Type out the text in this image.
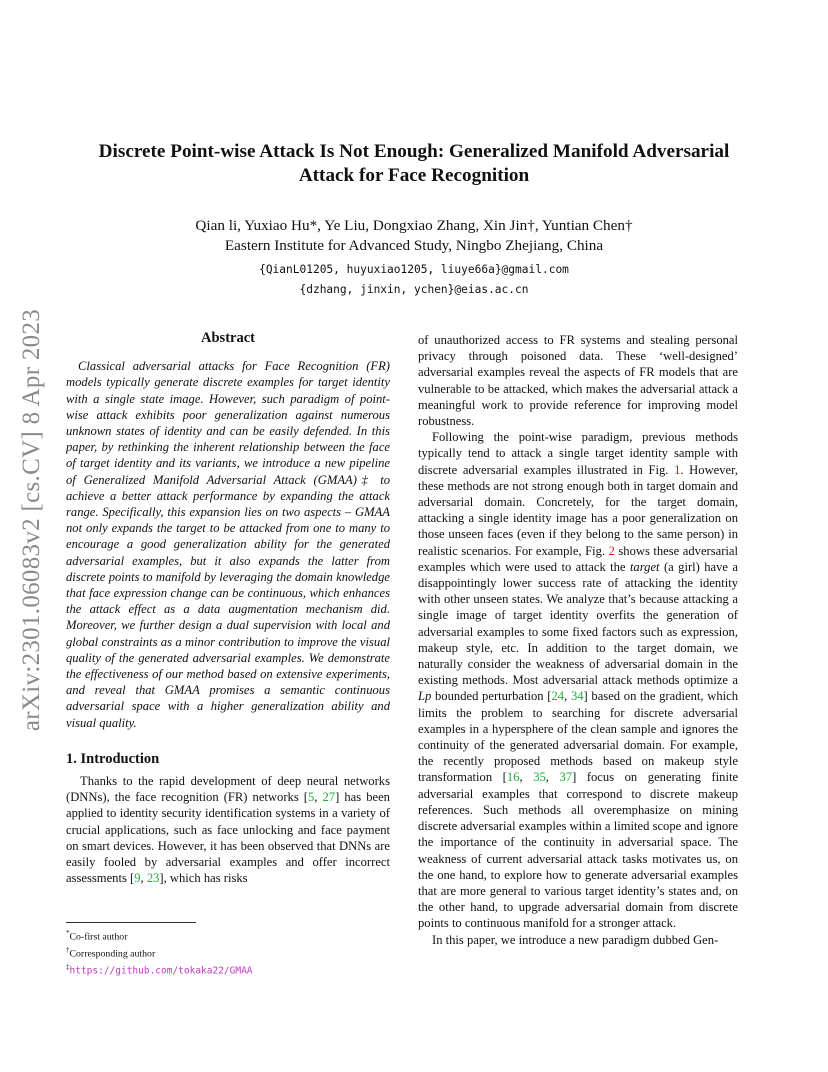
arXiv:2301.06083v2 [cs.CV] 8 Apr 2023
Discrete Point-wise Attack Is Not Enough: Generalized Manifold Adversarial
Attack for Face Recognition
Qian li, Yuxiao Hu*, Ye Liu, Dongxiao Zhang, Xin Jin†, Yuntian Chen†
Eastern Institute for Advanced Study, Ningbo Zhejiang, China
{QianL01205, huyuxiao1205, liuye66a}@gmail.com
{dzhang, jinxin, ychen}@eias.ac.cn
Abstract

Classical adversarial attacks for Face Recognition (FR) models typically generate discrete examples for target identity with a single state image. However, such paradigm of point-wise attack exhibits poor generalization against numerous unknown states of identity and can be easily defended. In this paper, by rethinking the inherent relationship between the face of target identity and its variants, we introduce a new pipeline of Generalized Manifold Adversarial Attack (GMAA)‡ to achieve a better attack performance by expanding the attack range. Specifically, this expansion lies on two aspects – GMAA not only expands the target to be attacked from one to many to encourage a good generalization ability for the generated adversarial examples, but it also expands the latter from discrete points to manifold by leveraging the domain knowledge that face expression change can be continuous, which enhances the attack effect as a data augmentation mechanism did. Moreover, we further design a dual supervision with local and global constraints as a minor contribution to improve the visual quality of the generated adversarial examples. We demonstrate the effectiveness of our method based on extensive experiments, and reveal that GMAA promises a semantic continuous adversarial space with a higher generalization ability and visual quality.

1. Introduction

Thanks to the rapid development of deep neural networks (DNNs), the face recognition (FR) networks [5, 27] has been applied to identity security identification systems in a variety of crucial applications, such as face unlocking and face payment on smart devices. However, it has been observed that DNNs are easily fooled by adversarial examples and offer incorrect assessments [9, 23], which has risks

of unauthorized access to FR systems and stealing personal privacy through poisoned data. These ‘well-designed’ adversarial examples reveal the aspects of FR models that are vulnerable to be attacked, which makes the adversarial attack a meaningful work to provide reference for improving model robustness.

Following the point-wise paradigm, previous methods typically tend to attack a single target identity sample with discrete adversarial examples illustrated in Fig. 1. However, these methods are not strong enough both in target domain and adversarial domain. Concretely, for the target domain, attacking a single identity image has a poor generalization on those unseen faces (even if they belong to the same person) in realistic scenarios. For example, Fig. 2 shows these adversarial examples which were used to attack the target (a girl) have a disappointingly lower success rate of attacking the identity with other unseen states. We analyze that’s because attacking a single image of target identity overfits the generation of adversarial examples to some fixed factors such as expression, makeup style, etc. In addition to the target domain, we naturally consider the weakness of adversarial domain in the existing methods. Most adversarial attack methods optimize a Lp bounded perturbation [24, 34] based on the gradient, which limits the problem to searching for discrete adversarial examples in a hypersphere of the clean sample and ignores the continuity of the generated adversarial domain. For example, the recently proposed methods based on makeup style transformation [16, 35, 37] focus on generating finite adversarial examples that correspond to discrete makeup references. Such methods all overemphasize on mining discrete adversarial examples within a limited scope and ignore the importance of the continuity in adversarial space. The weakness of current adversarial attack tasks motivates us, on the one hand, to explore how to generate adversarial examples that are more general to various target identity’s states and, on the other hand, to upgrade adversarial domain from discrete points to continuous manifold for a stronger attack.

In this paper, we introduce a new paradigm dubbed Gen-

*Co-first author
†Corresponding author
‡https://github.com/tokaka22/GMAA
